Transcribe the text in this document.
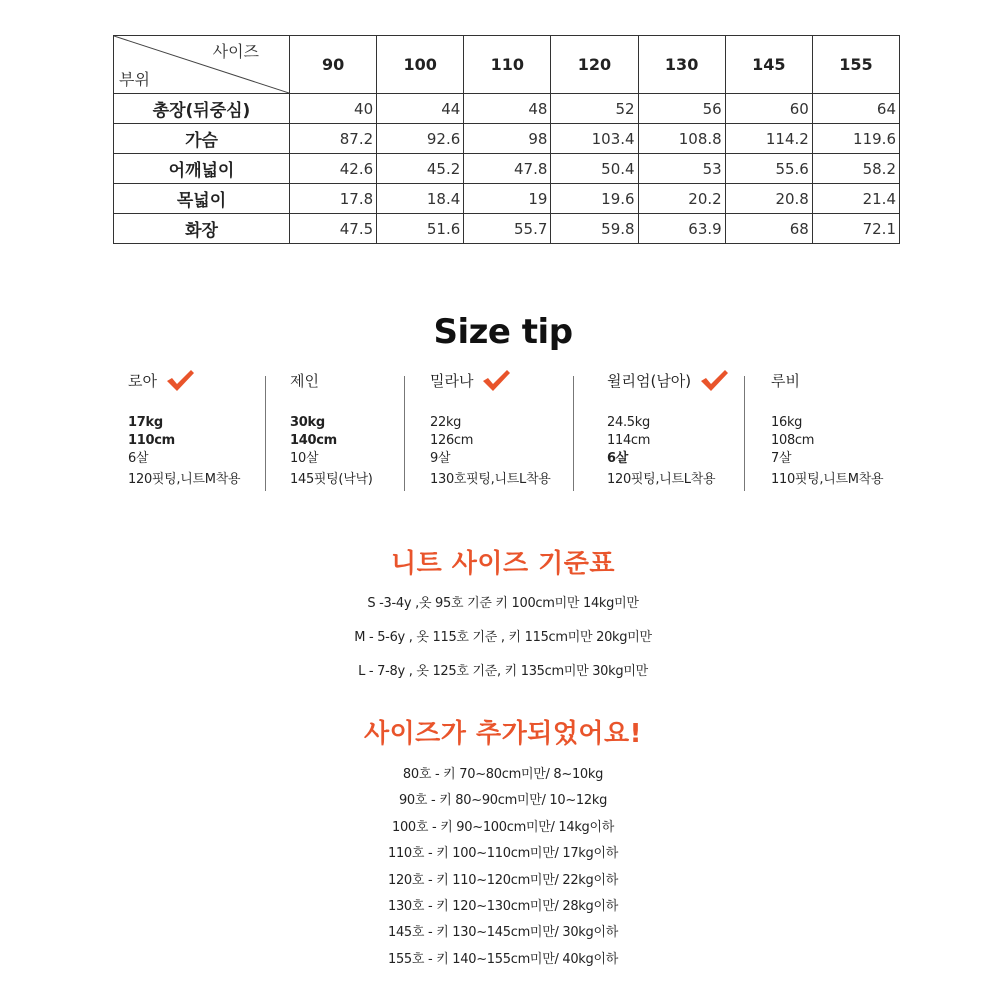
사이즈
부위	90	100	110	120	130	145	155
총장(뒤중심)	40	44	48	52	56	60	64
가슴	87.2	92.6	98	103.4	108.8	114.2	119.6
어깨넓이	42.6	45.2	47.8	50.4	53	55.6	58.2
목넓이	17.8	18.4	19	19.6	20.2	20.8	21.4
화장	47.5	51.6	55.7	59.8	63.9	68	72.1
Size tip
로아
17kg
110cm
6살
120핏팅,니트M착용
제인
30kg
140cm
10살
145핏팅(낙낙)
밀라나
22kg
126cm
9살
130호핏팅,니트L착용
윌리엄(남아)
24.5kg
114cm
6살
120핏팅,니트L착용
루비
16kg
108cm
7살
110핏팅,니트M착용
니트 사이즈 기준표
S -3-4y ,옷 95호 기준 키 100cm미만 14kg미만
M - 5-6y , 옷 115호 기준 , 키 115cm미만 20kg미만
L - 7-8y , 옷 125호 기준, 키 135cm미만 30kg미만
사이즈가 추가되었어요!
80호 - 키 70~80cm미만/ 8~10kg
90호 - 키 80~90cm미만/ 10~12kg
100호 - 키 90~100cm미만/ 14kg이하
110호 - 키 100~110cm미만/ 17kg이하
120호 - 키 110~120cm미만/ 22kg이하
130호 - 키 120~130cm미만/ 28kg이하
145호 - 키 130~145cm미만/ 30kg이하
155호 - 키 140~155cm미만/ 40kg이하
